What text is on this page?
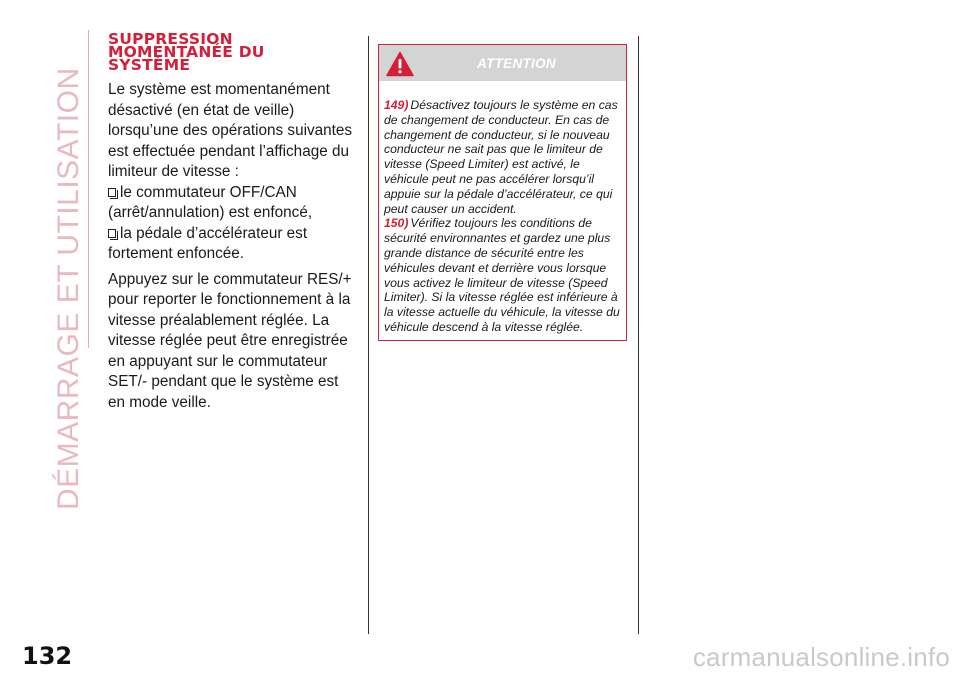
DÉMARRAGE ET UTILISATION
SUPPRESSION
MOMENTANÉE DU
SYSTÈME

Le système est momentanément désactivé (en état de veille) lorsqu’une des opérations suivantes est effectuée pendant l’affichage du limiteur de vitesse :
le commutateur OFF/CAN
(arrêt/annulation) est enfoncé,
la pédale d’accélérateur est
fortement enfoncée.

Appuyez sur le commutateur RES/+ pour reporter le fonctionnement à la vitesse préalablement réglée. La vitesse réglée peut être enregistrée en appuyant sur le commutateur SET/- pendant que le système est en mode veille.

ATTENTION

149) Désactivez toujours le système en cas de changement de conducteur. En cas de changement de conducteur, si le nouveau conducteur ne sait pas que le limiteur de vitesse (Speed Limiter) est activé, le véhicule peut ne pas accélérer lorsqu’il appuie sur la pédale d’accélérateur, ce qui peut causer un accident.

150) Vérifiez toujours les conditions de sécurité environnantes et gardez une plus grande distance de sécurité entre les véhicules devant et derrière vous lorsque vous activez le limiteur de vitesse (Speed Limiter). Si la vitesse réglée est inférieure à la vitesse actuelle du véhicule, la vitesse du véhicule descend à la vitesse réglée.

132	carmanualsonline.info
